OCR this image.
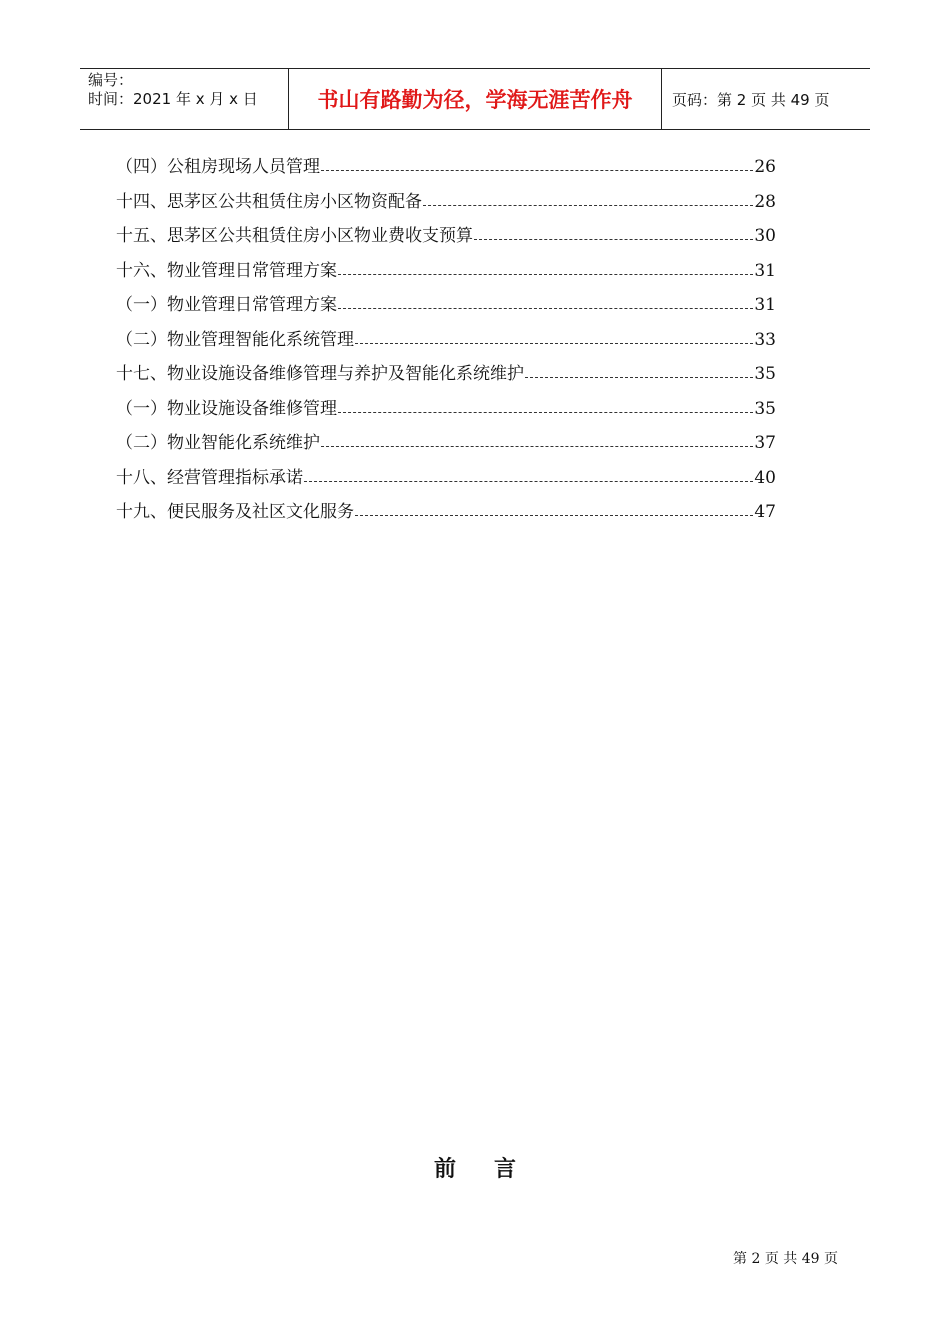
编号：
时间：2021 年 x 月 x 日	书山有路勤为径，学海无涯苦作舟	页码：第 2 页 共 49 页
（四）公租房现场人员管理	26
十四、思茅区公共租赁住房小区物资配备	28
十五、思茅区公共租赁住房小区物业费收支预算	30
十六、物业管理日常管理方案	31
（一）物业管理日常管理方案	31
（二）物业管理智能化系统管理	33
十七、物业设施设备维修管理与养护及智能化系统维护	35
（一）物业设施设备维修管理	35
（二）物业智能化系统维护	37
十八、经营管理指标承诺	40
十九、便民服务及社区文化服务	47
前言
第 2 页 共 49 页
